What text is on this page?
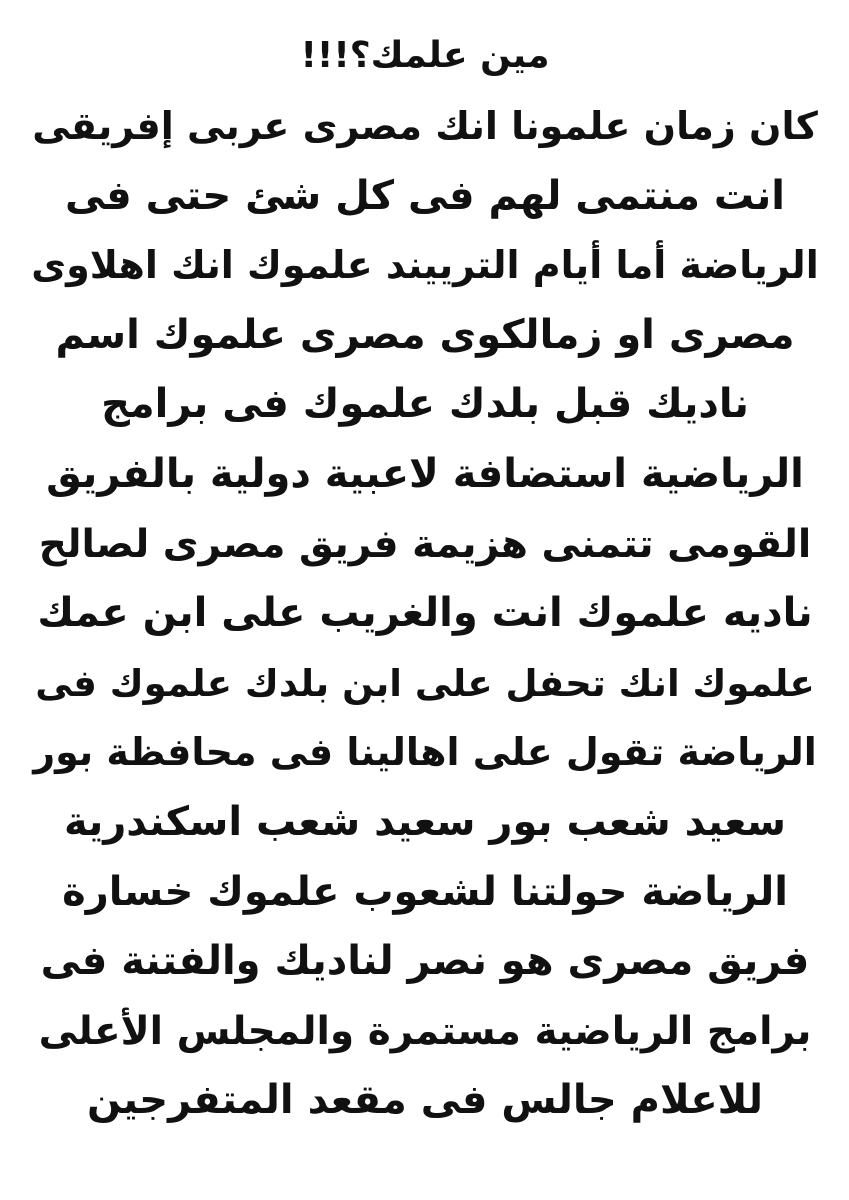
مين علمك؟!!!
كان زمان علمونا انك مصرى عربى إفريقى
انت منتمى لهم فى كل شئ حتى فى
الرياضة أما أيام الترييند علموك انك اهلاوى
مصرى او زمالكوى مصرى علموك اسم
ناديك قبل بلدك علموك فى برامج
الرياضية استضافة لاعبية دولية بالفريق
القومى تتمنى هزيمة فريق مصرى لصالح
ناديه علموك انت والغريب على ابن عمك
علموك انك تحفل على ابن بلدك علموك فى
الرياضة تقول على اهالينا فى محافظة بور
سعيد شعب بور سعيد شعب اسكندرية
الرياضة حولتنا لشعوب علموك خسارة
فريق مصرى هو نصر لناديك والفتنة فى
برامج الرياضية مستمرة والمجلس الأعلى
للاعلام جالس فى مقعد المتفرجين
